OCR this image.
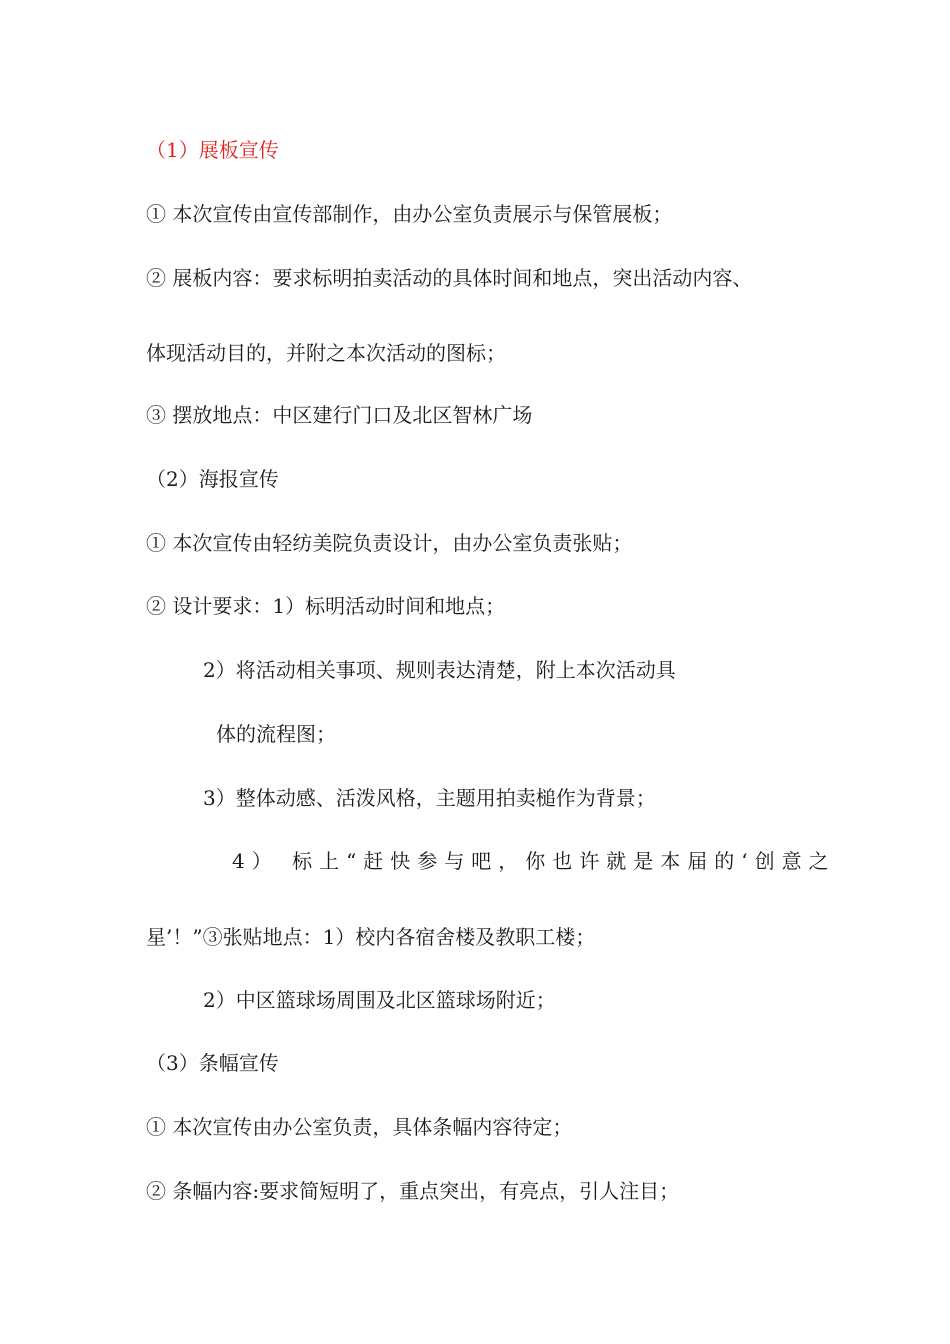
（1）展板宣传
① 本次宣传由宣传部制作，由办公室负责展示与保管展板；
② 展板内容：要求标明拍卖活动的具体时间和地点，突出活动内容、
体现活动目的，并附之本次活动的图标；
③ 摆放地点：中区建行门口及北区智林广场
（2）海报宣传
① 本次宣传由轻纺美院负责设计，由办公室负责张贴；
② 设计要求：1）标明活动时间和地点；
2）将活动相关事项、规则表达清楚，附上本次活动具
体的流程图；
3）整体动感、活泼风格，主题用拍卖槌作为背景；
4） 标上“赶快参与吧，你也许就是本届的‘创意之
星’！”③张贴地点：1）校内各宿舍楼及教职工楼；
2）中区篮球场周围及北区篮球场附近；
（3）条幅宣传
① 本次宣传由办公室负责，具体条幅内容待定；
② 条幅内容:要求简短明了，重点突出，有亮点，引人注目；
